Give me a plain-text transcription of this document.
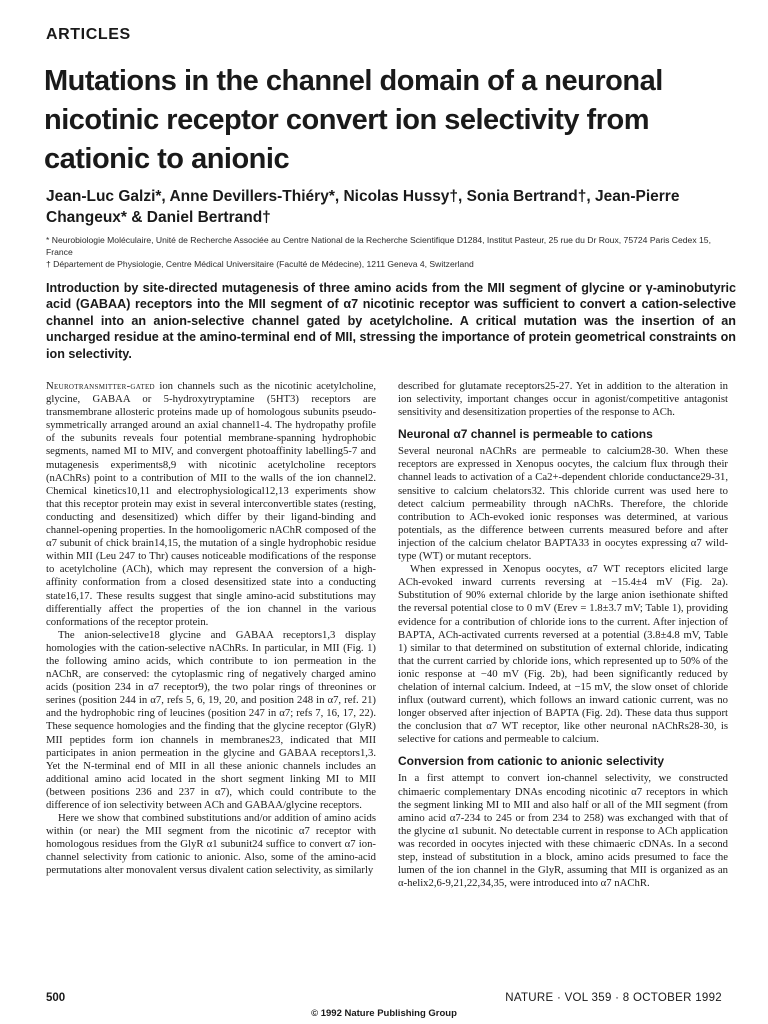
ARTICLES
Mutations in the channel domain of a neuronal nicotinic receptor convert ion selectivity from cationic to anionic

Jean-Luc Galzi*, Anne Devillers-Thiéry*, Nicolas Hussy†, Sonia Bertrand†, Jean-Pierre Changeux* & Daniel Bertrand†

* Neurobiologie Moléculaire, Unité de Recherche Associée au Centre National de la Recherche Scientifique D1284, Institut Pasteur, 25 rue du Dr Roux, 75724 Paris Cedex 15, France
† Département de Physiologie, Centre Médical Universitaire (Faculté de Médecine), 1211 Geneva 4, Switzerland

Introduction by site-directed mutagenesis of three amino acids from the MII segment of glycine or γ-aminobutyric acid (GABAA) receptors into the MII segment of α7 nicotinic receptor was sufficient to convert a cation-selective channel into an anion-selective channel gated by acetylcholine. A critical mutation was the insertion of an uncharged residue at the amino-terminal end of MII, stressing the importance of protein geometrical constraints on ion selectivity.

Neurotransmitter-gated ion channels such as the nicotinic acetylcholine, glycine, GABAA or 5-hydroxytryptamine (5HT3) receptors are transmembrane allosteric proteins made up of homologous subunits pseudo-symmetrically arranged around an axial channel1-4. The hydropathy profile of the subunits reveals four potential membrane-spanning hydrophobic segments, named MI to MIV, and convergent photoaffinity labelling5-7 and mutagenesis experiments8,9 with nicotinic acetylcholine receptors (nAChRs) point to a contribution of MII to the walls of the ion channel2. Chemical kinetics10,11 and electrophysiological12,13 experiments show that this receptor protein may exist in several interconvertible states (resting, conducting and desensitized) which differ by their ligand-binding and channel-opening properties. In the homooligomeric nAChR composed of the α7 subunit of chick brain14,15, the mutation of a single hydrophobic residue within MII (Leu 247 to Thr) causes noticeable modifications of the response to acetylcholine (ACh), which may represent the conversion of a high-affinity conformation from a closed desensitized state into a conducting state16,17. These results suggest that single amino-acid substitutions may differentially affect the properties of the ion channel in the various conformations of the receptor protein.

The anion-selective18 glycine and GABAA receptors1,3 display homologies with the cation-selective nAChRs. In particular, in MII (Fig. 1) the following amino acids, which contribute to ion permeation in the nAChR, are conserved: the cytoplasmic ring of negatively charged amino acids (position 234 in α7 receptor9), the two polar rings of threonines or serines (position 244 in α7, refs 5, 6, 19, 20, and position 248 in α7, ref. 21) and the hydrophobic ring of leucines (position 247 in α7; refs 7, 16, 17, 22). These sequence homologies and the finding that the glycine receptor (GlyR) MII peptides form ion channels in membranes23, indicated that MII participates in anion permeation in the glycine and GABAA receptors1,3. Yet the N-terminal end of MII in all these anionic channels includes an additional amino acid located in the short segment linking MI to MII (between positions 236 and 237 in α7), which could contribute to the difference of ion selectivity between ACh and GABAA/glycine receptors.

Here we show that combined substitutions and/or addition of amino acids within (or near) the MII segment from the nicotinic α7 receptor with homologous residues from the GlyR α1 subunit24 suffice to convert α7 ion-channel selectivity from cationic to anionic. Also, some of the amino-acid permutations alter monovalent versus divalent cation selectivity, as similarly

described for glutamate receptors25-27. Yet in addition to the alteration in ion selectivity, important changes occur in agonist/competitive antagonist sensitivity and desensitization properties of the response to ACh.

Neuronal α7 channel is permeable to cations

Several neuronal nAChRs are permeable to calcium28-30. When these receptors are expressed in Xenopus oocytes, the calcium flux through their channel leads to activation of a Ca2+-dependent chloride conductance29-31, sensitive to calcium chelators32. This chloride current was used here to detect calcium permeability through nAChRs. Therefore, the chloride contribution to ACh-evoked ionic responses was determined, at various potentials, as the difference between currents measured before and after injection of the calcium chelator BAPTA33 in oocytes expressing α7 wild-type (WT) or mutant receptors.

When expressed in Xenopus oocytes, α7 WT receptors elicited large ACh-evoked inward currents reversing at −15.4±4 mV (Fig. 2a). Substitution of 90% external chloride by the large anion isethionate shifted the reversal potential close to 0 mV (Erev = 1.8±3.7 mV; Table 1), providing evidence for a contribution of chloride ions to the current. After injection of BAPTA, ACh-activated currents reversed at a potential (3.8±4.8 mV, Table 1) similar to that determined on substitution of external chloride, indicating that the current carried by chloride ions, which represented up to 50% of the ionic response at −40 mV (Fig. 2b), had been significantly reduced by chelation of internal calcium. Indeed, at −15 mV, the slow onset of chloride influx (outward current), which follows an inward cationic current, was no longer observed after injection of BAPTA (Fig. 2d). These data thus support the conclusion that α7 WT receptor, like other neuronal nAChRs28-30, is selective for cations and permeable to calcium.

Conversion from cationic to anionic selectivity

In a first attempt to convert ion-channel selectivity, we constructed chimaeric complementary DNAs encoding nicotinic α7 receptors in which the segment linking MI to MII and also half or all of the MII segment (from amino acid α7-234 to 245 or from 234 to 258) was exchanged with that of the glycine α1 subunit. No detectable current in response to ACh application was recorded in oocytes injected with these chimaeric cDNAs. In a second step, instead of substitution in a block, amino acids presumed to face the lumen of the ion channel in the GlyR, assuming that MII is organized as an α-helix2,6-9,21,22,34,35, were introduced into α7 nAChR.

500	NATURE · VOL 359 · 8 OCTOBER 1992
© 1992 Nature Publishing Group
